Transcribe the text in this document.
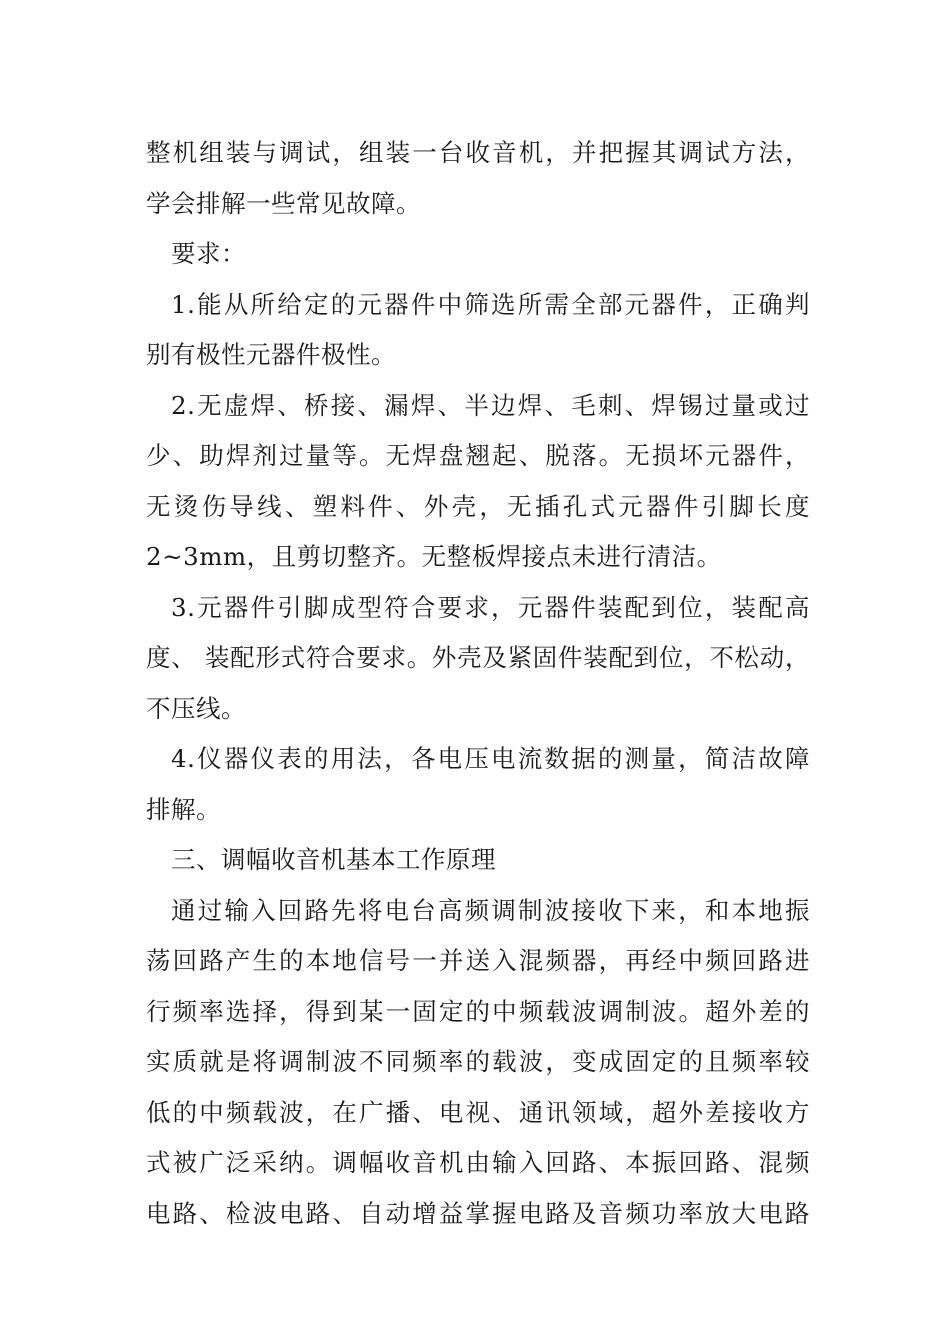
整机组装与调试，组装一台收音机，并把握其调试方法，
学会排解一些常见故障。
要求：
1.能从所给定的元器件中筛选所需全部元器件，正确判
别有极性元器件极性。
2.无虚焊、桥接、漏焊、半边焊、毛刺、焊锡过量或过
少、助焊剂过量等。无焊盘翘起、脱落。无损坏元器件，
无烫伤导线、塑料件、外壳，无插孔式元器件引脚长度
2~3mm，且剪切整齐。无整板焊接点未进行清洁。
3.元器件引脚成型符合要求，元器件装配到位，装配高
度、 装配形式符合要求。外壳及紧固件装配到位，不松动，
不压线。
4.仪器仪表的用法，各电压电流数据的测量，简洁故障
排解。
三、调幅收音机基本工作原理
通过输入回路先将电台高频调制波接收下来，和本地振
荡回路产生的本地信号一并送入混频器，再经中频回路进
行频率选择，得到某一固定的中频载波调制波。超外差的
实质就是将调制波不同频率的载波，变成固定的且频率较
低的中频载波，在广播、电视、通讯领域，超外差接收方
式被广泛采纳。调幅收音机由输入回路、本振回路、混频
电路、检波电路、自动增益掌握电路及音频功率放大电路
